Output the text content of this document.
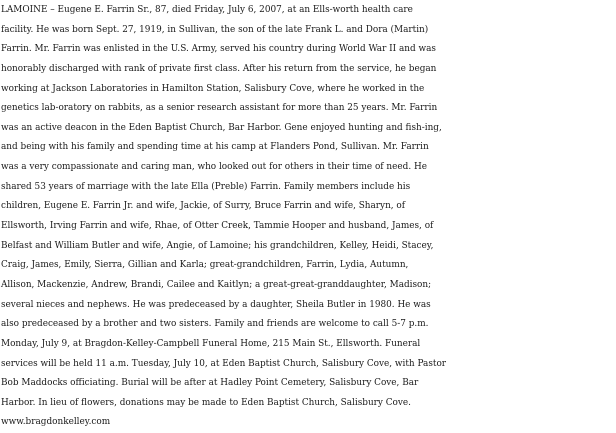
LAMOINE – Eugene E. Farrin Sr., 87, died Friday, July 6, 2007, at an Ells-worth health care
facility. He was born Sept. 27, 1919, in Sullivan, the son of the late Frank L. and Dora (Martin)
Farrin. Mr. Farrin was enlisted in the U.S. Army, served his country during World War II and was
honorably discharged with rank of private first class. After his return from the service, he began
working at Jackson Laboratories in Hamilton Station, Salisbury Cove, where he worked in the
genetics lab-oratory on rabbits, as a senior research assistant for more than 25 years. Mr. Farrin
was an active deacon in the Eden Baptist Church, Bar Harbor. Gene enjoyed hunting and fish-ing,
and being with his family and spending time at his camp at Flanders Pond, Sullivan. Mr. Farrin
was a very compassionate and caring man, who looked out for others in their time of need. He
shared 53 years of marriage with the late Ella (Preble) Farrin. Family members include his
children, Eugene E. Farrin Jr. and wife, Jackie, of Surry, Bruce Farrin and wife, Sharyn, of
Ellsworth, Irving Farrin and wife, Rhae, of Otter Creek, Tammie Hooper and husband, James, of
Belfast and William Butler and wife, Angie, of Lamoine; his grandchildren, Kelley, Heidi, Stacey,
Craig, James, Emily, Sierra, Gillian and Karla; great-grandchildren, Farrin, Lydia, Autumn,
Allison, Mackenzie, Andrew, Brandi, Cailee and Kaitlyn; a great-great-granddaughter, Madison;
several nieces and nephews. He was predeceased by a daughter, Sheila Butler in 1980. He was
also predeceased by a brother and two sisters. Family and friends are welcome to call 5-7 p.m.
Monday, July 9, at Bragdon-Kelley-Campbell Funeral Home, 215 Main St., Ellsworth. Funeral
services will be held 11 a.m. Tuesday, July 10, at Eden Baptist Church, Salisbury Cove, with Pastor
Bob Maddocks officiating. Burial will be after at Hadley Point Cemetery, Salisbury Cove, Bar
Harbor. In lieu of flowers, donations may be made to Eden Baptist Church, Salisbury Cove.
www.bragdonkelley.com
